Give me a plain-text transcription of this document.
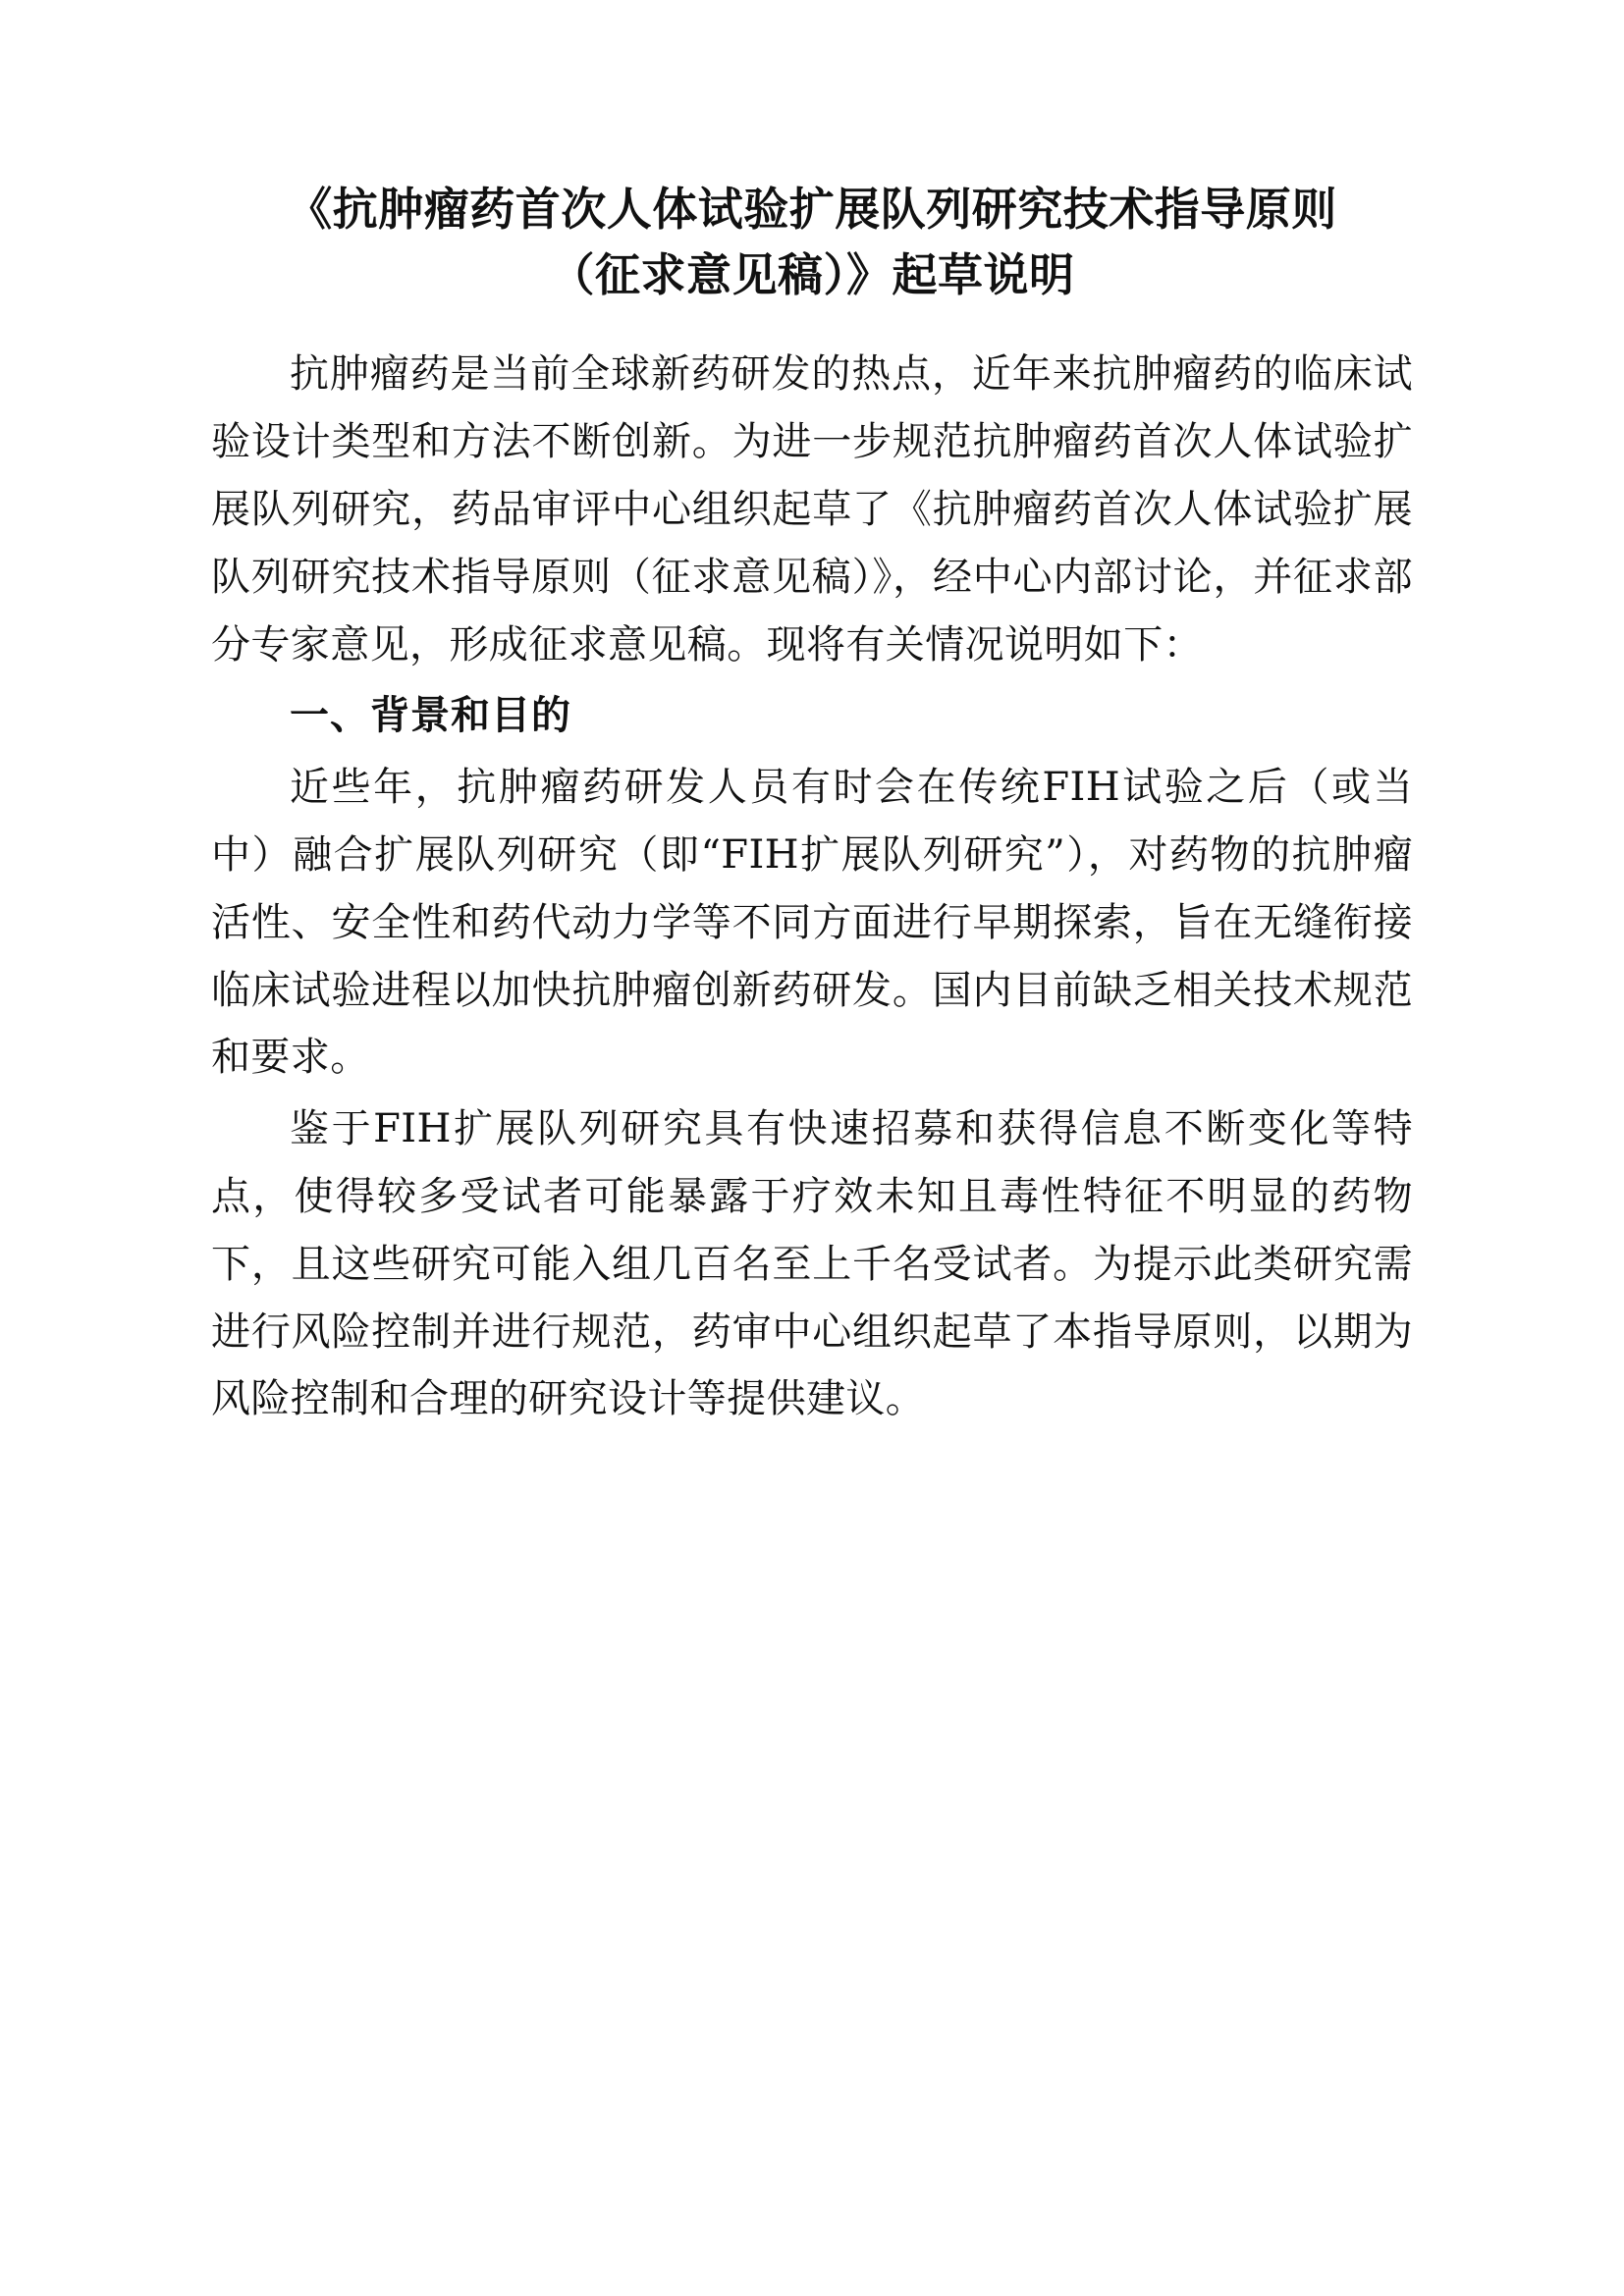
《抗肿瘤药首次人体试验扩展队列研究技术指导原则
（征求意见稿）》起草说明

抗肿瘤药是当前全球新药研发的热点，近年来抗肿瘤药的临床试验设计类型和方法不断创新。为进一步规范抗肿瘤药首次人体试验扩展队列研究，药品审评中心组织起草了《抗肿瘤药首次人体试验扩展队列研究技术指导原则（征求意见稿）》，经中心内部讨论，并征求部分专家意见，形成征求意见稿。现将有关情况说明如下：

一、背景和目的

近些年，抗肿瘤药研发人员有时会在传统FIH试验之后（或当中）融合扩展队列研究（即“FIH扩展队列研究”），对药物的抗肿瘤活性、安全性和药代动力学等不同方面进行早期探索，旨在无缝衔接临床试验进程以加快抗肿瘤创新药研发。国内目前缺乏相关技术规范和要求。

鉴于FIH扩展队列研究具有快速招募和获得信息不断变化等特点，使得较多受试者可能暴露于疗效未知且毒性特征不明显的药物下，且这些研究可能入组几百名至上千名受试者。为提示此类研究需进行风险控制并进行规范，药审中心组织起草了本指导原则，以期为风险控制和合理的研究设计等提供建议。
